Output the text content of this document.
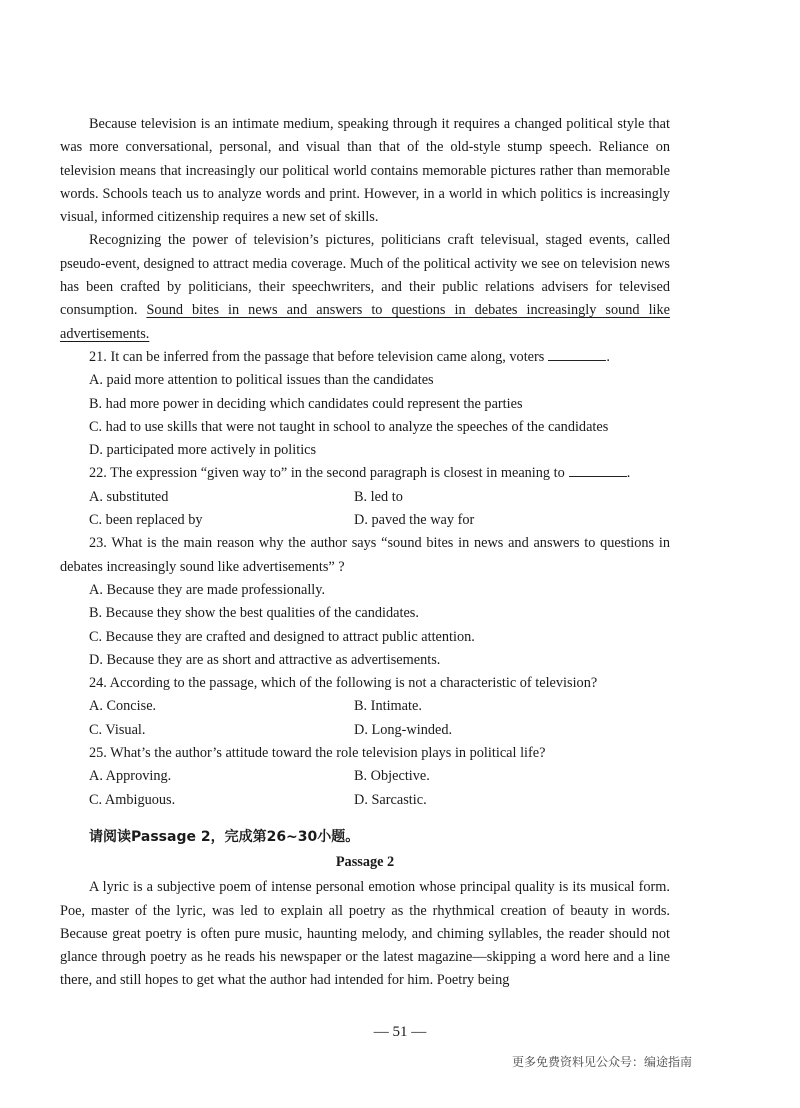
Because television is an intimate medium, speaking through it requires a changed political style that was more conversational, personal, and visual than that of the old-style stump speech. Reliance on television means that increasingly our political world contains memorable pictures rather than memorable words. Schools teach us to analyze words and print. However, in a world in which politics is increasingly visual, informed citizenship requires a new set of skills.

Recognizing the power of television’s pictures, politicians craft televisual, staged events, called pseudo-event, designed to attract media coverage. Much of the political activity we see on television news has been crafted by politicians, their speechwriters, and their public relations advisers for televised consumption. Sound bites in news and answers to questions in debates increasingly sound like advertisements.

21. It can be inferred from the passage that before television came along, voters	.

A. paid more attention to political issues than the candidates

B. had more power in deciding which candidates could represent the parties

C. had to use skills that were not taught in school to analyze the speeches of the candidates

D. participated more actively in politics

22. The expression “given way to” in the second paragraph is closest in meaning to	.

A. substituted	B. led to
C. been replaced by	D. paved the way for

23. What is the main reason why the author says “sound bites in news and answers to questions in debates increasingly sound like advertisements” ?

A. Because they are made professionally.

B. Because they show the best qualities of the candidates.

C. Because they are crafted and designed to attract public attention.

D. Because they are as short and attractive as advertisements.

24. According to the passage, which of the following is not a characteristic of television?

A. Concise.	B. Intimate.
C. Visual.	D. Long-winded.

25. What’s the author’s attitude toward the role television plays in political life?

A. Approving.	B. Objective.
C. Ambiguous.	D. Sarcastic.
请阅读Passage 2，完成第26~30小题。
Passage 2

A lyric is a subjective poem of intense personal emotion whose principal quality is its musical form. Poe, master of the lyric, was led to explain all poetry as the rhythmical creation of beauty in words. Because great poetry is often pure music, haunting melody, and chiming syllables, the reader should not glance through poetry as he reads his newspaper or the latest magazine—skipping a word here and a line there, and still hopes to get what the author had intended for him. Poetry being

— 51 —
更多免费资料见公众号：编途指南
